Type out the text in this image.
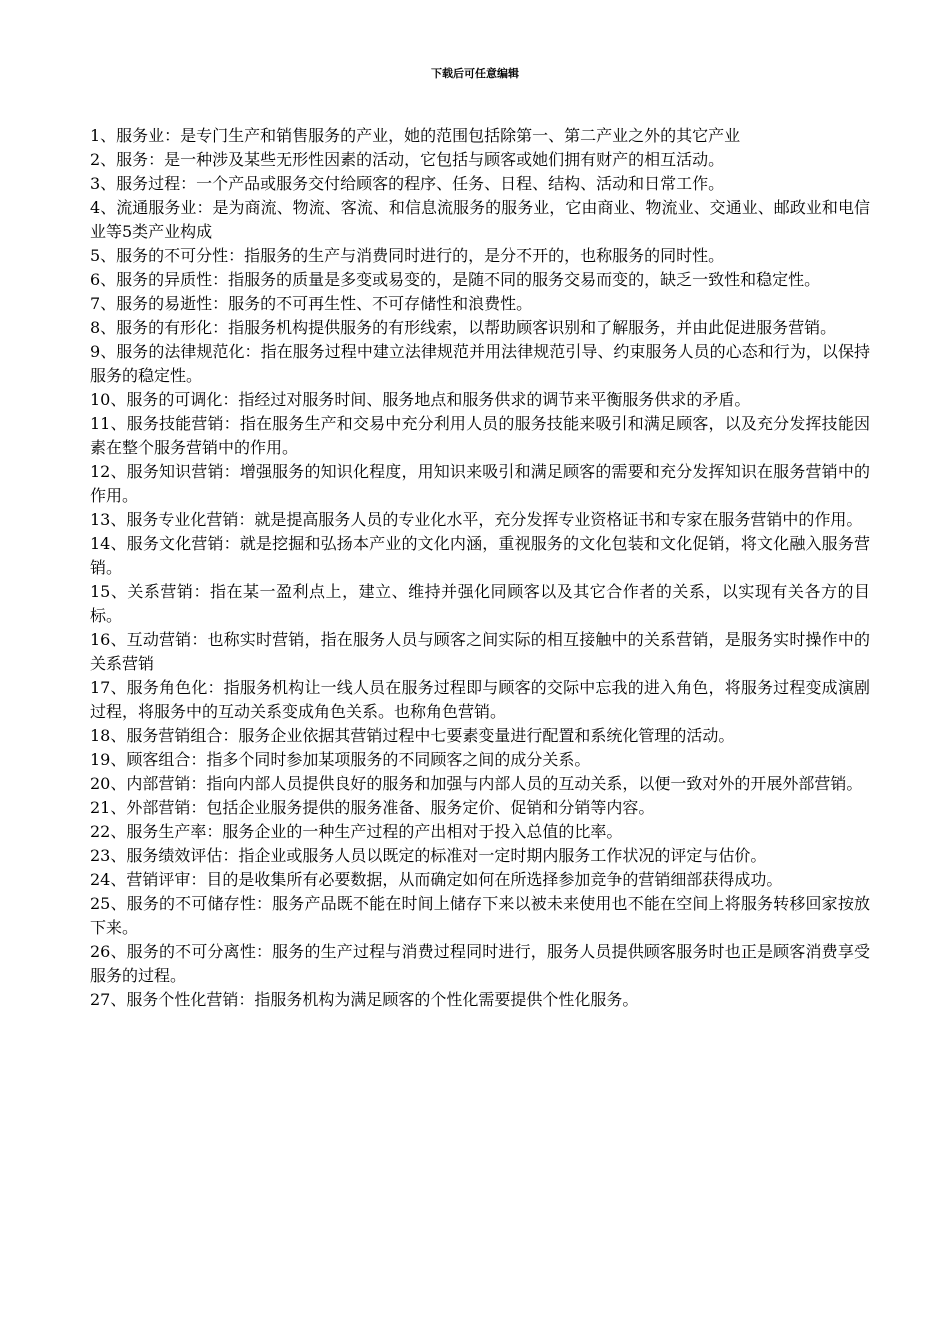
下载后可任意编辑

1、服务业：是专门生产和销售服务的产业，她的范围包括除第一、第二产业之外的其它产业

2、服务：是一种涉及某些无形性因素的活动，它包括与顾客或她们拥有财产的相互活动。

3、服务过程：一个产品或服务交付给顾客的程序、任务、日程、结构、活动和日常工作。

4、流通服务业：是为商流、物流、客流、和信息流服务的服务业，它由商业、物流业、交通业、邮政业和电信业等5类产业构成

5、服务的不可分性：指服务的生产与消费同时进行的，是分不开的，也称服务的同时性。

6、服务的异质性：指服务的质量是多变或易变的，是随不同的服务交易而变的，缺乏一致性和稳定性。

7、服务的易逝性：服务的不可再生性、不可存储性和浪费性。

8、服务的有形化：指服务机构提供服务的有形线索，以帮助顾客识别和了解服务，并由此促进服务营销。

9、服务的法律规范化：指在服务过程中建立法律规范并用法律规范引导、约束服务人员的心态和行为，以保持服务的稳定性。

10、服务的可调化：指经过对服务时间、服务地点和服务供求的调节来平衡服务供求的矛盾。

11、服务技能营销：指在服务生产和交易中充分利用人员的服务技能来吸引和满足顾客，以及充分发挥技能因素在整个服务营销中的作用。

12、服务知识营销：增强服务的知识化程度，用知识来吸引和满足顾客的需要和充分发挥知识在服务营销中的作用。

13、服务专业化营销：就是提高服务人员的专业化水平，充分发挥专业资格证书和专家在服务营销中的作用。

14、服务文化营销：就是挖掘和弘扬本产业的文化内涵，重视服务的文化包装和文化促销，将文化融入服务营销。

15、关系营销：指在某一盈利点上，建立、维持并强化同顾客以及其它合作者的关系，以实现有关各方的目标。

16、互动营销：也称实时营销，指在服务人员与顾客之间实际的相互接触中的关系营销，是服务实时操作中的关系营销

17、服务角色化：指服务机构让一线人员在服务过程即与顾客的交际中忘我的进入角色，将服务过程变成演剧过程，将服务中的互动关系变成角色关系。也称角色营销。

18、服务营销组合：服务企业依据其营销过程中七要素变量进行配置和系统化管理的活动。

19、顾客组合：指多个同时参加某项服务的不同顾客之间的成分关系。

20、内部营销：指向内部人员提供良好的服务和加强与内部人员的互动关系，以便一致对外的开展外部营销。

21、外部营销：包括企业服务提供的服务准备、服务定价、促销和分销等内容。

22、服务生产率：服务企业的一种生产过程的产出相对于投入总值的比率。

23、服务绩效评估：指企业或服务人员以既定的标准对一定时期内服务工作状况的评定与估价。

24、营销评审：目的是收集所有必要数据，从而确定如何在所选择参加竞争的营销细部获得成功。

25、服务的不可储存性：服务产品既不能在时间上储存下来以被未来使用也不能在空间上将服务转移回家按放下来。

26、服务的不可分离性：服务的生产过程与消费过程同时进行，服务人员提供顾客服务时也正是顾客消费享受服务的过程。

27、服务个性化营销：指服务机构为满足顾客的个性化需要提供个性化服务。
